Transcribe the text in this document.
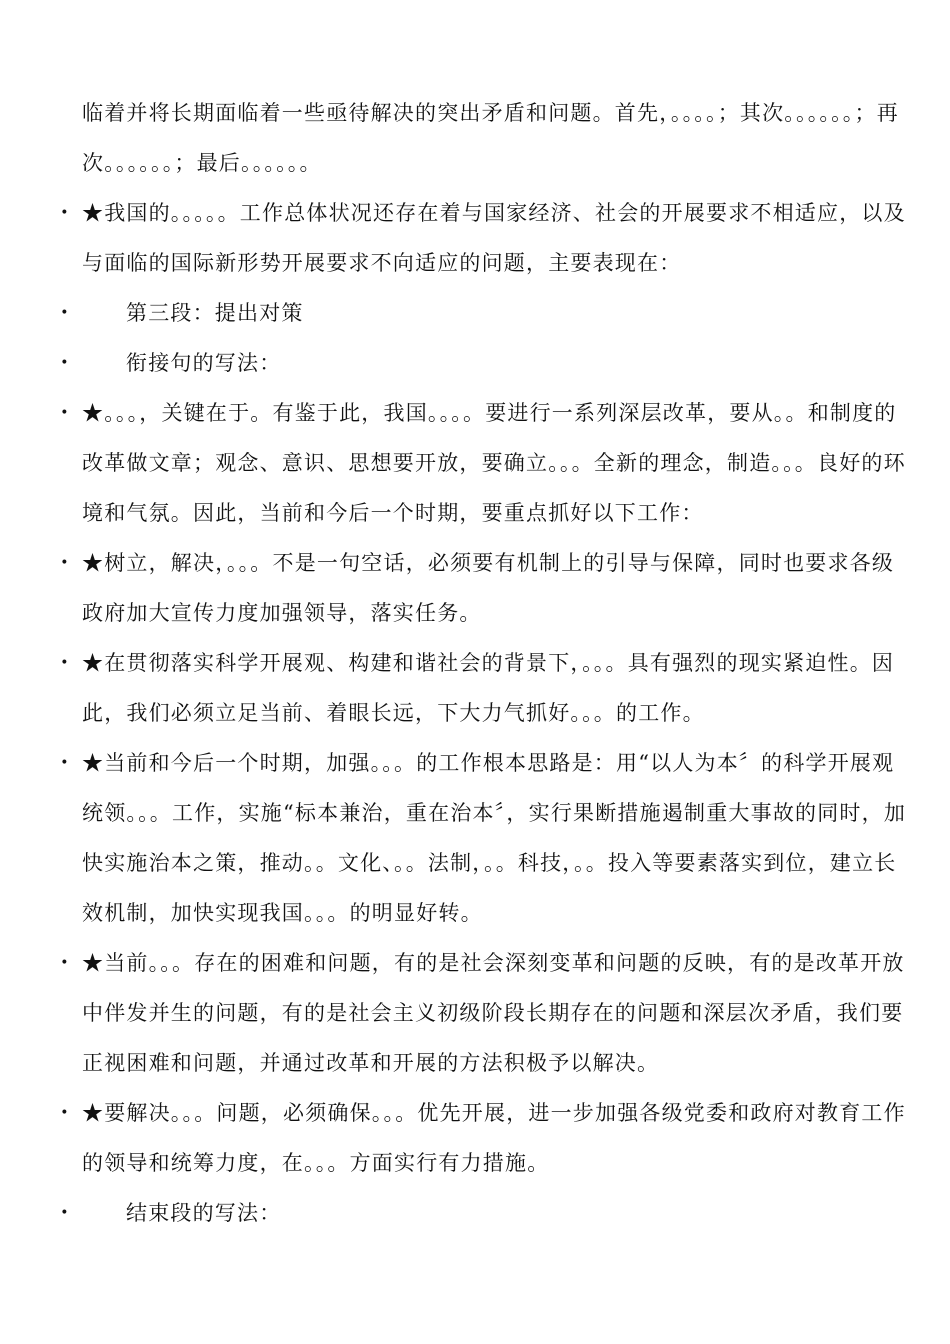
临着并将长期面临着一些亟待解决的突出矛盾和问题。首先，。。。。；其次。。。。。。；再次。。。。。。；最后。。。。。。

• ★我国的。。。。。工作总体状况还存在着与国家经济、社会的开展要求不相适应，以及与面临的国际新形势开展要求不向适应的问题，主要表现在：

•	第三段：提出对策

•	衔接句的写法：

• ★。。。，关键在于。有鉴于此，我国。。。。要进行一系列深层改革，要从。。和制度的改革做文章；观念、意识、思想要开放，要确立。。。全新的理念，制造。。。良好的环境和气氛。因此，当前和今后一个时期，要重点抓好以下工作：

• ★树立，解决，。。。不是一句空话，必须要有机制上的引导与保障，同时也要求各级政府加大宣传力度加强领导，落实任务。

• ★在贯彻落实科学开展观、构建和谐社会的背景下，。。。具有强烈的现实紧迫性。因此，我们必须立足当前、着眼长远，下大力气抓好。。。的工作。

• ★当前和今后一个时期，加强。。。的工作根本思路是：用“以人为本〞的科学开展观统领。。。工作，实施“标本兼治，重在治本〞，实行果断措施遏制重大事故的同时，加快实施治本之策，推动。。文化、。。法制，。。科技，。。投入等要素落实到位，建立长效机制，加快实现我国。。。的明显好转。

• ★当前。。。存在的困难和问题，有的是社会深刻变革和问题的反映，有的是改革开放中伴发并生的问题，有的是社会主义初级阶段长期存在的问题和深层次矛盾，我们要正视困难和问题，并通过改革和开展的方法积极予以解决。

• ★要解决。。。问题，必须确保。。。优先开展，进一步加强各级党委和政府对教育工作的领导和统筹力度，在。。。方面实行有力措施。

•	结束段的写法：
